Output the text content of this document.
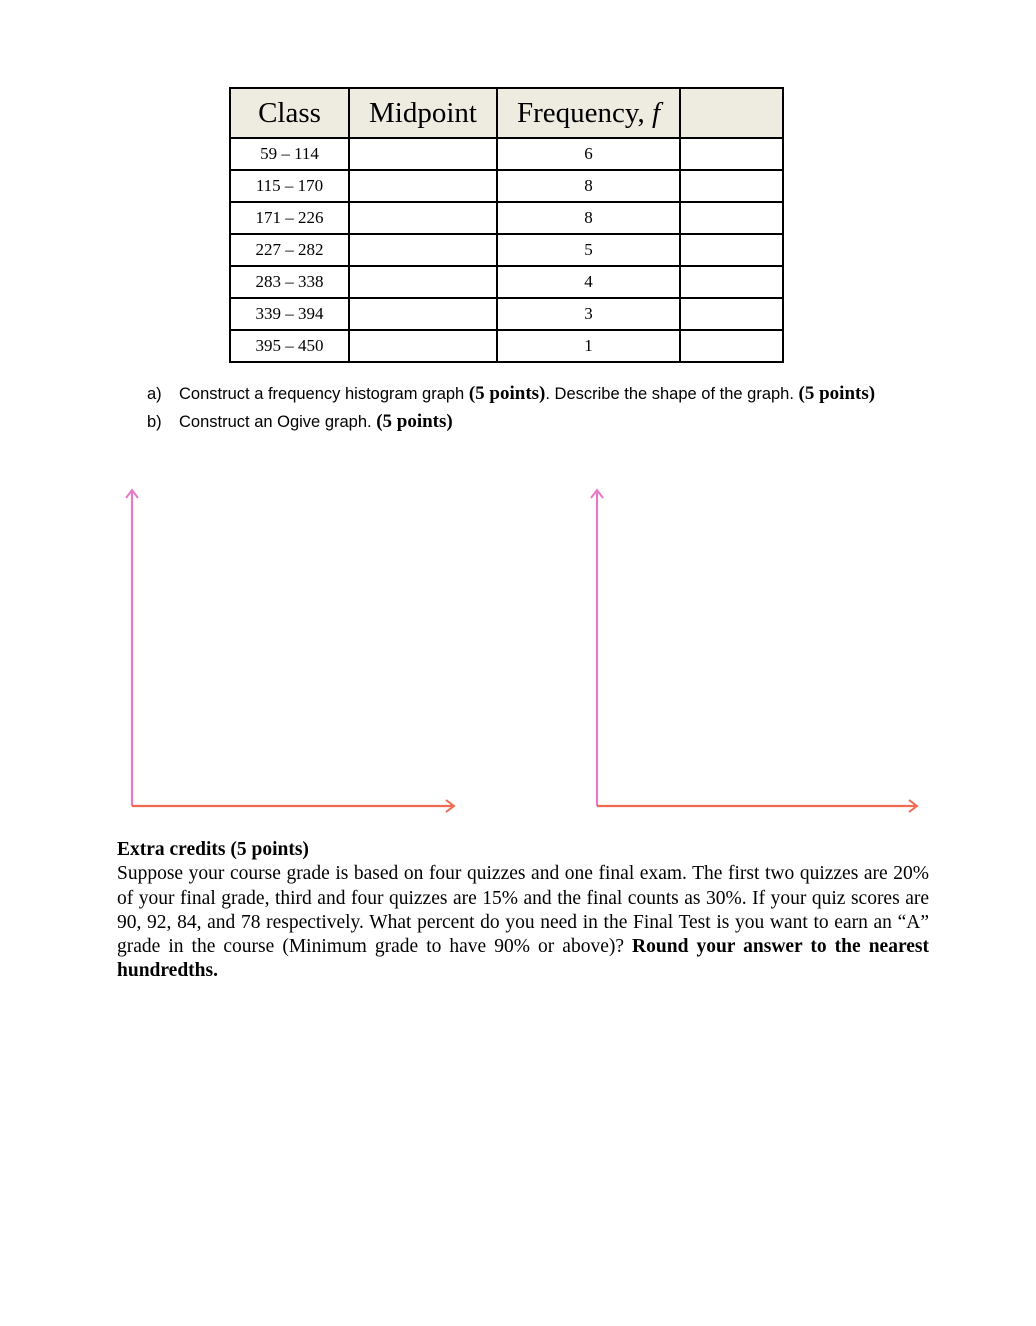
Class	Midpoint	Frequency, f	
59 – 114		6	
115 – 170		8	
171 – 226		8	
227 – 282		5	
283 – 338		4	
339 – 394		3	
395 – 450		1	
a) Construct a frequency histogram graph (5 points). Describe the shape of the graph. (5 points)
b) Construct an Ogive graph. (5 points)
Extra credits (5 points)
Suppose your course grade is based on four quizzes and one final exam. The first two quizzes are 20% of your final grade, third and four quizzes are 15% and the final counts as 30%. If your quiz scores are 90, 92, 84, and 78 respectively. What percent do you need in the Final Test is you want to earn an “A” grade in the course (Minimum grade to have 90% or above)? Round your answer to the nearest hundredths.
